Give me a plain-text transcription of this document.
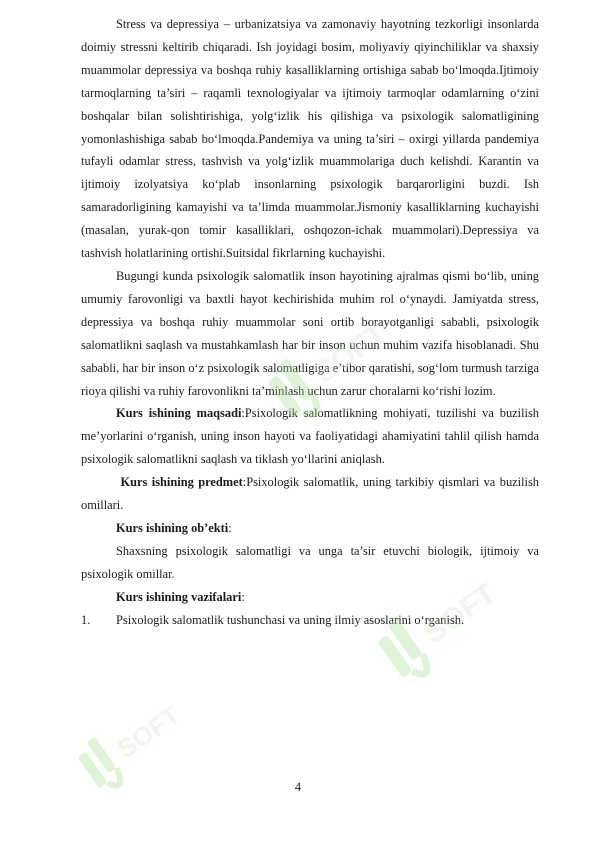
Stress va depressiya – urbanizatsiya va zamonaviy hayotning tezkorligi insonlarda doimiy stressni keltirib chiqaradi. Ish joyidagi bosim, moliyaviy qiyinchiliklar va shaxsiy muammolar depressiya va boshqa ruhiy kasalliklarning ortishiga sabab bo‘lmoqda.Ijtimoiy tarmoqlarning ta’siri – raqamli texnologiyalar va ijtimoiy tarmoqlar odamlarning o‘zini boshqalar bilan solishtirishiga, yolg‘izlik his qilishiga va psixologik salomatligining yomonlashishiga sabab bo‘lmoqda.Pandemiya va uning ta’siri – oxirgi yillarda pandemiya tufayli odamlar stress, tashvish va yolg‘izlik muammolariga duch kelishdi. Karantin va ijtimoiy izolyatsiya ko‘plab insonlarning psixologik barqarorligini buzdi. Ish samaradorligining kamayishi va ta’limda muammolar.Jismoniy kasalliklarning kuchayishi (masalan, yurak-qon tomir kasalliklari, oshqozon-ichak muammolari).Depressiya va tashvish holatlarining ortishi.Suitsidal fikrlarning kuchayishi.

Bugungi kunda psixologik salomatlik inson hayotining ajralmas qismi bo‘lib, uning umumiy farovonligi va baxtli hayot kechirishida muhim rol o‘ynaydi. Jamiyatda stress, depressiya va boshqa ruhiy muammolar soni ortib borayotganligi sababli, psixologik salomatlikni saqlash va mustahkamlash har bir inson uchun muhim vazifa hisoblanadi. Shu sababli, har bir inson o‘z psixologik salomatligiga e’tibor qaratishi, sog‘lom turmush tarziga rioya qilishi va ruhiy farovonlikni ta’minlash uchun zarur choralarni ko‘rishi lozim.

Kurs ishining maqsadi:Psixologik salomatlikning mohiyati, tuzilishi va buzilish me’yorlarini o‘rganish, uning inson hayoti va faoliyatidagi ahamiyatini tahlil qilish hamda psixologik salomatlikni saqlash va tiklash yo‘llarini aniqlash.

Kurs ishining predmet:Psixologik salomatlik, uning tarkibiy qismlari va buzilish omillari.

Kurs ishining ob’ekti:

Shaxsning psixologik salomatligi va unga ta’sir etuvchi biologik, ijtimoiy va psixologik omillar.

Kurs ishining vazifalari:

1.	Psixologik salomatlik tushunchasi va uning ilmiy asoslarini o‘rganish.
SOFT
SOFT
SOFT
4
